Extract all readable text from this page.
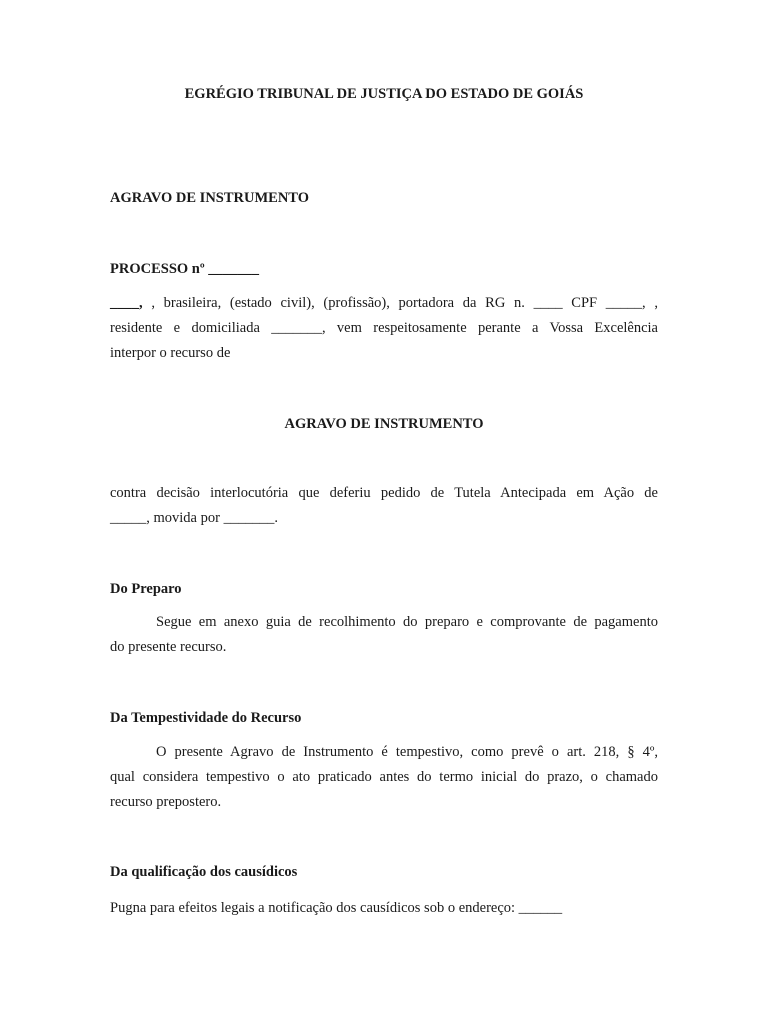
EGRÉGIO TRIBUNAL DE JUSTIÇA DO ESTADO DE GOIÁS
AGRAVO DE INSTRUMENTO
PROCESSO nº _______
____, , brasileira, (estado civil), (profissão), portadora da RG n. ____ CPF _____, ,
residente e domiciliada _______, vem respeitosamente perante a Vossa Excelência
interpor o recurso de
AGRAVO DE INSTRUMENTO
contra decisão interlocutória que deferiu pedido de Tutela Antecipada em Ação de
_____, movida por _______.
Do Preparo
Segue em anexo guia de recolhimento do preparo e comprovante de pagamento
do presente recurso.
Da Tempestividade do Recurso
O presente Agravo de Instrumento é tempestivo, como prevê o art. 218, § 4º,
qual considera tempestivo o ato praticado antes do termo inicial do prazo, o chamado
recurso prepostero.
Da qualificação dos causídicos
Pugna para efeitos legais a notificação dos causídicos sob o endereço: ______
